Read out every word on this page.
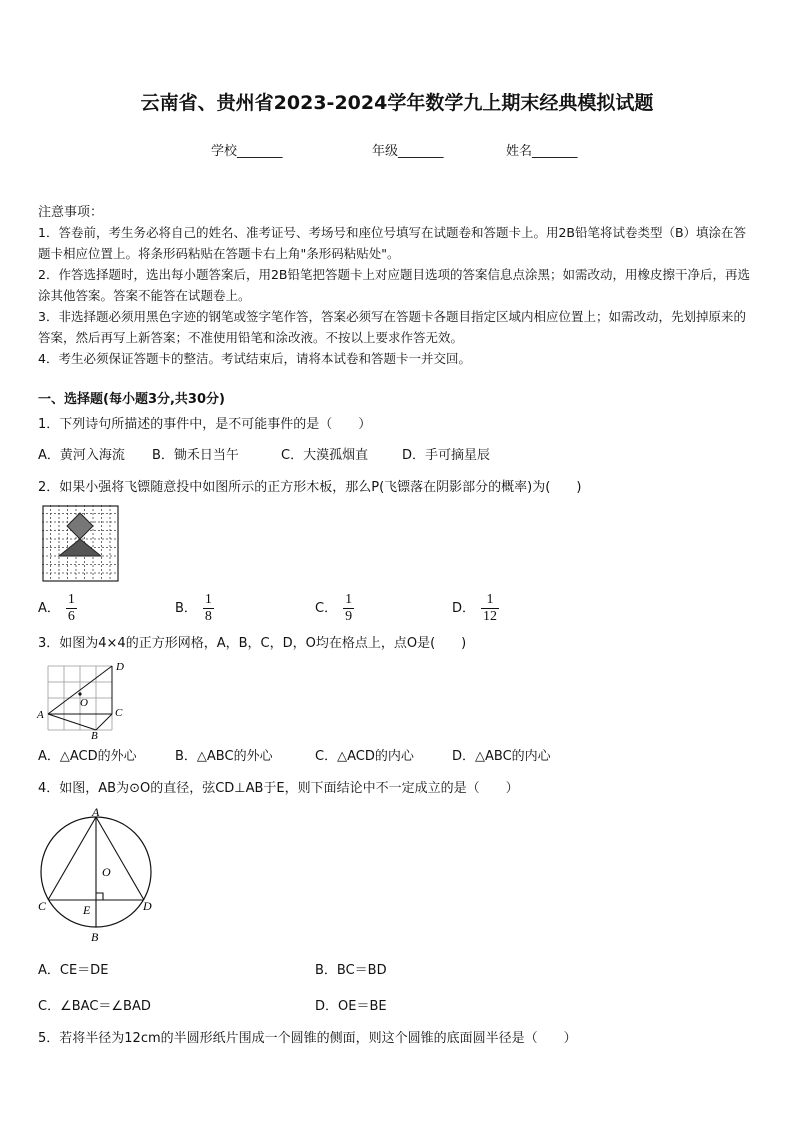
云南省、贵州省2023-2024学年数学九上期末经典模拟试题
学校_______	年级_______	姓名_______
注意事项：
1．答卷前，考生务必将自己的姓名、准考证号、考场号和座位号填写在试题卷和答题卡上。用2B铅笔将试卷类型（B）填涂在答题卡相应位置上。将条形码粘贴在答题卡右上角"条形码粘贴处"。
2．作答选择题时，选出每小题答案后，用2B铅笔把答题卡上对应题目选项的答案信息点涂黑；如需改动，用橡皮擦干净后，再选涂其他答案。答案不能答在试题卷上。
3．非选择题必须用黑色字迹的钢笔或签字笔作答，答案必须写在答题卡各题目指定区域内相应位置上；如需改动，先划掉原来的答案，然后再写上新答案；不准使用铅笔和涂改液。不按以上要求作答无效。
4．考生必须保证答题卡的整洁。考试结束后，请将本试卷和答题卡一并交回。
一、选择题(每小题3分,共30分)
1．下列诗句所描述的事件中，是不可能事件的是（　　）
A．黄河入海流 B．锄禾日当午	C．大漠孤烟直	D．手可摘星辰
2．如果小强将飞镖随意投中如图所示的正方形木板，那么P(飞镖落在阴影部分的概率)为(　　)
A． $\frac{1}{6}$	B． $\frac{1}{8}$	C． $\frac{1}{9}$	D． $\frac{1}{12}$
3．如图为4×4的正方形网格，A，B，C，D，O均在格点上，点O是(　　)
A
D
C
B
O
A．△ACD的外心	B．△ABC的外心	C．△ACD的内心	D．△ABC的内心
4．如图，AB为⊙O的直径，弦CD⊥AB于E，则下面结论中不一定成立的是（　　）
A
O
C	D
E
B
A．CE＝DE	B．BC＝BD
C．∠BAC＝∠BAD	D．OE＝BE
5．若将半径为12cm的半圆形纸片围成一个圆锥的侧面，则这个圆锥的底面圆半径是（　　）
